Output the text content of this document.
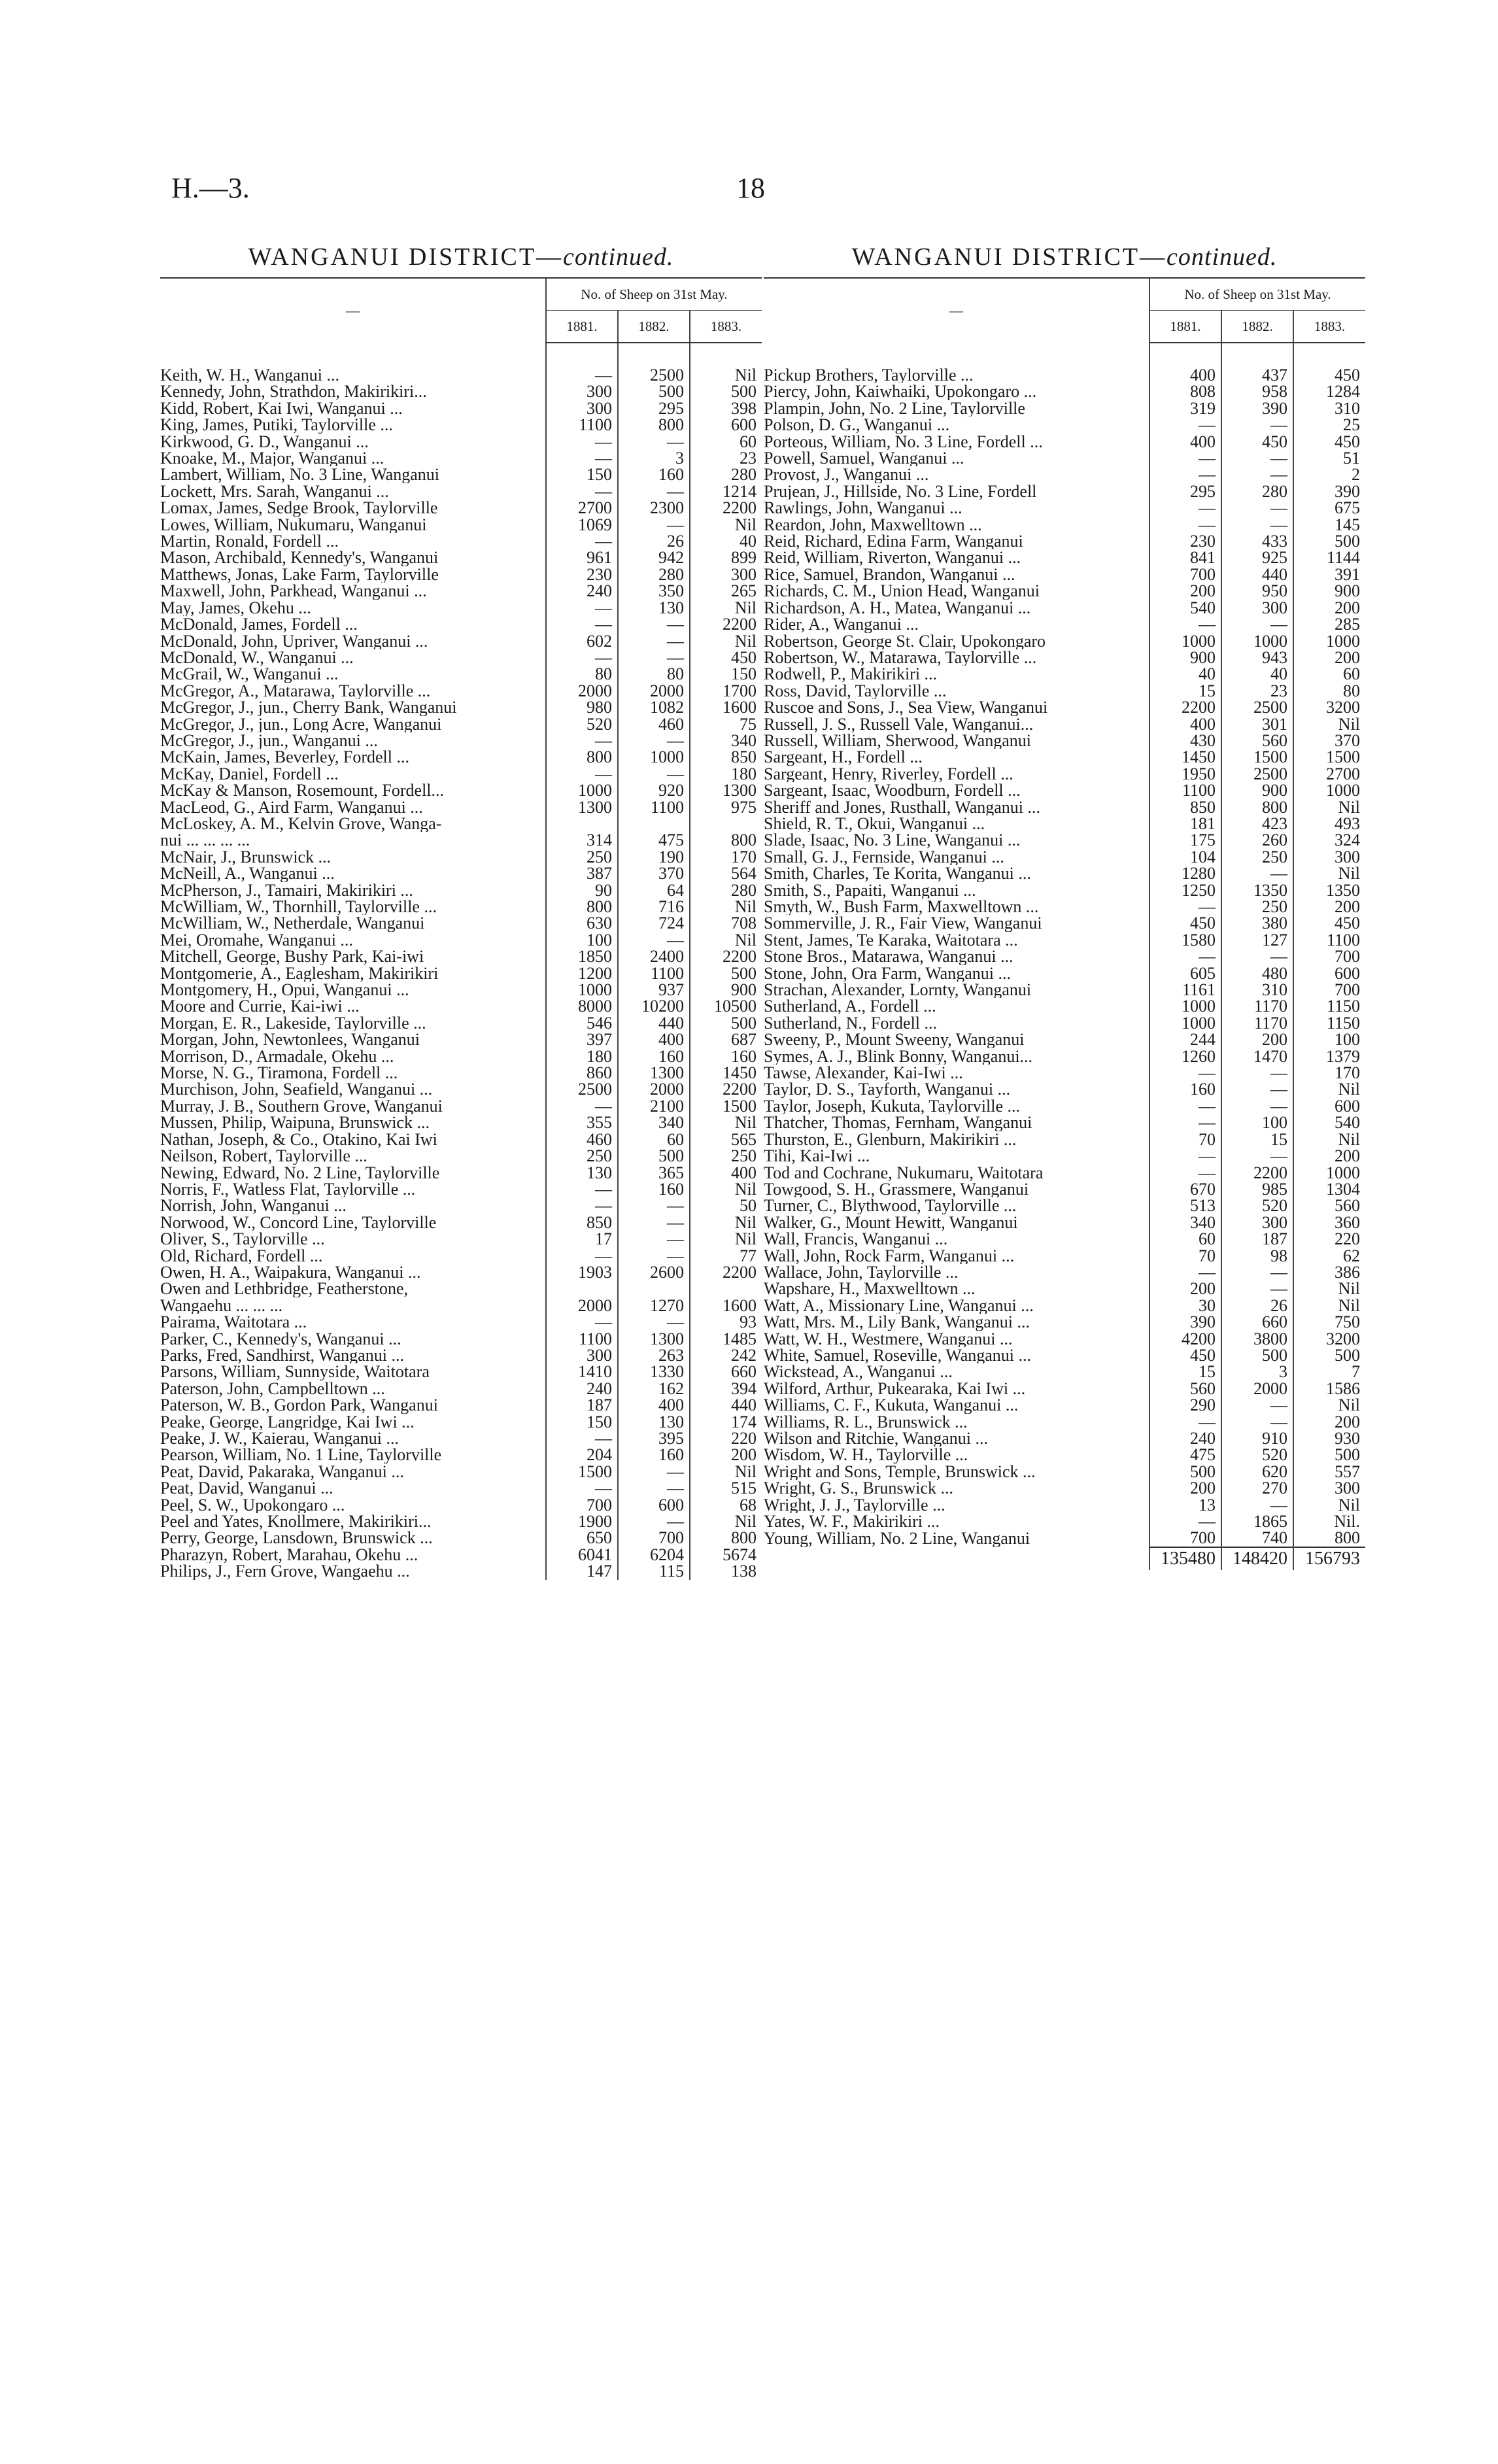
H.—3.	18
WANGANUI DISTRICT—continued.
—	No. of Sheep on 31st May.		
	1881.	1882.	1883.

Keith, W. H., Wanganui ...	—	2500	Nil
Kennedy, John, Strathdon, Makirikiri...	300	500	500
Kidd, Robert, Kai Iwi, Wanganui ...	300	295	398
King, James, Putiki, Taylorville ...	1100	800	600
Kirkwood, G. D., Wanganui ...	—	—	60
Knoake, M., Major, Wanganui ...	—	3	23
Lambert, William, No. 3 Line, Wanganui	150	160	280
Lockett, Mrs. Sarah, Wanganui ...	—	—	1214
Lomax, James, Sedge Brook, Taylorville	2700	2300	2200
Lowes, William, Nukumaru, Wanganui	1069	—	Nil
Martin, Ronald, Fordell ...	—	26	40
Mason, Archibald, Kennedy's, Wanganui	961	942	899
Matthews, Jonas, Lake Farm, Taylorville	230	280	300
Maxwell, John, Parkhead, Wanganui ...	240	350	265
May, James, Okehu ...	—	130	Nil
McDonald, James, Fordell ...	—	—	2200
McDonald, John, Upriver, Wanganui ...	602	—	Nil
McDonald, W., Wanganui ...	—	—	450
McGrail, W., Wanganui ...	80	80	150
McGregor, A., Matarawa, Taylorville ...	2000	2000	1700
McGregor, J., jun., Cherry Bank, Wanganui	980	1082	1600
McGregor, J., jun., Long Acre, Wanganui	520	460	75
McGregor, J., jun., Wanganui ...	—	—	340
McKain, James, Beverley, Fordell ...	800	1000	850
McKay, Daniel, Fordell ...	—	—	180
McKay & Manson, Rosemount, Fordell...	1000	920	1300
MacLeod, G., Aird Farm, Wanganui ...	1300	1100	975
McLoskey, A. M., Kelvin Grove, Wanga-			
nui ... ... ... ...	314	475	800
McNair, J., Brunswick ...	250	190	170
McNeill, A., Wanganui ...	387	370	564
McPherson, J., Tamairi, Makirikiri ...	90	64	280
McWilliam, W., Thornhill, Taylorville ...	800	716	Nil
McWilliam, W., Netherdale, Wanganui	630	724	708
Mei, Oromahe, Wanganui ...	100	—	Nil
Mitchell, George, Bushy Park, Kai-iwi	1850	2400	2200
Montgomerie, A., Eaglesham, Makirikiri	1200	1100	500
Montgomery, H., Opui, Wanganui ...	1000	937	900
Moore and Currie, Kai-iwi ...	8000	10200	10500
Morgan, E. R., Lakeside, Taylorville ...	546	440	500
Morgan, John, Newtonlees, Wanganui	397	400	687
Morrison, D., Armadale, Okehu ...	180	160	160
Morse, N. G., Tiramona, Fordell ...	860	1300	1450
Murchison, John, Seafield, Wanganui ...	2500	2000	2200
Murray, J. B., Southern Grove, Wanganui	—	2100	1500
Mussen, Philip, Waipuna, Brunswick ...	355	340	Nil
Nathan, Joseph, & Co., Otakino, Kai Iwi	460	60	565
Neilson, Robert, Taylorville ...	250	500	250
Newing, Edward, No. 2 Line, Taylorville	130	365	400
Norris, F., Watless Flat, Taylorville ...	—	160	Nil
Norrish, John, Wanganui ...	—	—	50
Norwood, W., Concord Line, Taylorville	850	—	Nil
Oliver, S., Taylorville ...	17	—	Nil
Old, Richard, Fordell ...	—	—	77
Owen, H. A., Waipakura, Wanganui ...	1903	2600	2200
Owen and Lethbridge, Featherstone,			
Wangaehu ... ... ...	2000	1270	1600
Pairama, Waitotara ...	—	—	93
Parker, C., Kennedy's, Wanganui ...	1100	1300	1485
Parks, Fred, Sandhirst, Wanganui ...	300	263	242
Parsons, William, Sunnyside, Waitotara	1410	1330	660
Paterson, John, Campbelltown ...	240	162	394
Paterson, W. B., Gordon Park, Wanganui	187	400	440
Peake, George, Langridge, Kai Iwi ...	150	130	174
Peake, J. W., Kaierau, Wanganui ...	—	395	220
Pearson, William, No. 1 Line, Taylorville	204	160	200
Peat, David, Pakaraka, Wanganui ...	1500	—	Nil
Peat, David, Wanganui ...	—	—	515
Peel, S. W., Upokongaro ...	700	600	68
Peel and Yates, Knollmere, Makirikiri...	1900	—	Nil
Perry, George, Lansdown, Brunswick ...	650	700	800
Pharazyn, Robert, Marahau, Okehu ...	6041	6204	5674
Philips, J., Fern Grove, Wangaehu ...	147	115	138
WANGANUI DISTRICT—continued.
—	No. of Sheep on 31st May.		
	1881.	1882.	1883.

Pickup Brothers, Taylorville ...	400	437	450
Piercy, John, Kaiwhaiki, Upokongaro ...	808	958	1284
Plampin, John, No. 2 Line, Taylorville	319	390	310
Polson, D. G., Wanganui ...	—	—	25
Porteous, William, No. 3 Line, Fordell ...	400	450	450
Powell, Samuel, Wanganui ...	—	—	51
Provost, J., Wanganui ...	—	—	2
Prujean, J., Hillside, No. 3 Line, Fordell	295	280	390
Rawlings, John, Wanganui ...	—	—	675
Reardon, John, Maxwelltown ...	—	—	145
Reid, Richard, Edina Farm, Wanganui	230	433	500
Reid, William, Riverton, Wanganui ...	841	925	1144
Rice, Samuel, Brandon, Wanganui ...	700	440	391
Richards, C. M., Union Head, Wanganui	200	950	900
Richardson, A. H., Matea, Wanganui ...	540	300	200
Rider, A., Wanganui ...	—	—	285
Robertson, George St. Clair, Upokongaro	1000	1000	1000
Robertson, W., Matarawa, Taylorville ...	900	943	200
Rodwell, P., Makirikiri ...	40	40	60
Ross, David, Taylorville ...	15	23	80
Ruscoe and Sons, J., Sea View, Wanganui	2200	2500	3200
Russell, J. S., Russell Vale, Wanganui...	400	301	Nil
Russell, William, Sherwood, Wanganui	430	560	370
Sargeant, H., Fordell ...	1450	1500	1500
Sargeant, Henry, Riverley, Fordell ...	1950	2500	2700
Sargeant, Isaac, Woodburn, Fordell ...	1100	900	1000
Sheriff and Jones, Rusthall, Wanganui ...	850	800	Nil
Shield, R. T., Okui, Wanganui ...	181	423	493
Slade, Isaac, No. 3 Line, Wanganui ...	175	260	324
Small, G. J., Fernside, Wanganui ...	104	250	300
Smith, Charles, Te Korita, Wanganui ...	1280	—	Nil
Smith, S., Papaiti, Wanganui ...	1250	1350	1350
Smyth, W., Bush Farm, Maxwelltown ...	—	250	200
Sommerville, J. R., Fair View, Wanganui	450	380	450
Stent, James, Te Karaka, Waitotara ...	1580	127	1100
Stone Bros., Matarawa, Wanganui ...	—	—	700
Stone, John, Ora Farm, Wanganui ...	605	480	600
Strachan, Alexander, Lornty, Wanganui	1161	310	700
Sutherland, A., Fordell ...	1000	1170	1150
Sutherland, N., Fordell ...	1000	1170	1150
Sweeny, P., Mount Sweeny, Wanganui	244	200	100
Symes, A. J., Blink Bonny, Wanganui...	1260	1470	1379
Tawse, Alexander, Kai-Iwi ...	—	—	170
Taylor, D. S., Tayforth, Wanganui ...	160	—	Nil
Taylor, Joseph, Kukuta, Taylorville ...	—	—	600
Thatcher, Thomas, Fernham, Wanganui	—	100	540
Thurston, E., Glenburn, Makirikiri ...	70	15	Nil
Tihi, Kai-Iwi ...	—	—	200
Tod and Cochrane, Nukumaru, Waitotara	—	2200	1000
Towgood, S. H., Grassmere, Wanganui	670	985	1304
Turner, C., Blythwood, Taylorville ...	513	520	560
Walker, G., Mount Hewitt, Wanganui	340	300	360
Wall, Francis, Wanganui ...	60	187	220
Wall, John, Rock Farm, Wanganui ...	70	98	62
Wallace, John, Taylorville ...	—	—	386
Wapshare, H., Maxwelltown ...	200	—	Nil
Watt, A., Missionary Line, Wanganui ...	30	26	Nil
Watt, Mrs. M., Lily Bank, Wanganui ...	390	660	750
Watt, W. H., Westmere, Wanganui ...	4200	3800	3200
White, Samuel, Roseville, Wanganui ...	450	500	500
Wickstead, A., Wanganui ...	15	3	7
Wilford, Arthur, Pukearaka, Kai Iwi ...	560	2000	1586
Williams, C. F., Kukuta, Wanganui ...	290	—	Nil
Williams, R. L., Brunswick ...	—	—	200
Wilson and Ritchie, Wanganui ...	240	910	930
Wisdom, W. H., Taylorville ...	475	520	500
Wright and Sons, Temple, Brunswick ...	500	620	557
Wright, G. S., Brunswick ...	200	270	300
Wright, J. J., Taylorville ...	13	—	Nil
Yates, W. F., Makirikiri ...	—	1865	Nil.
Young, William, No. 2 Line, Wanganui	700	740	800
	135480	148420	156793
